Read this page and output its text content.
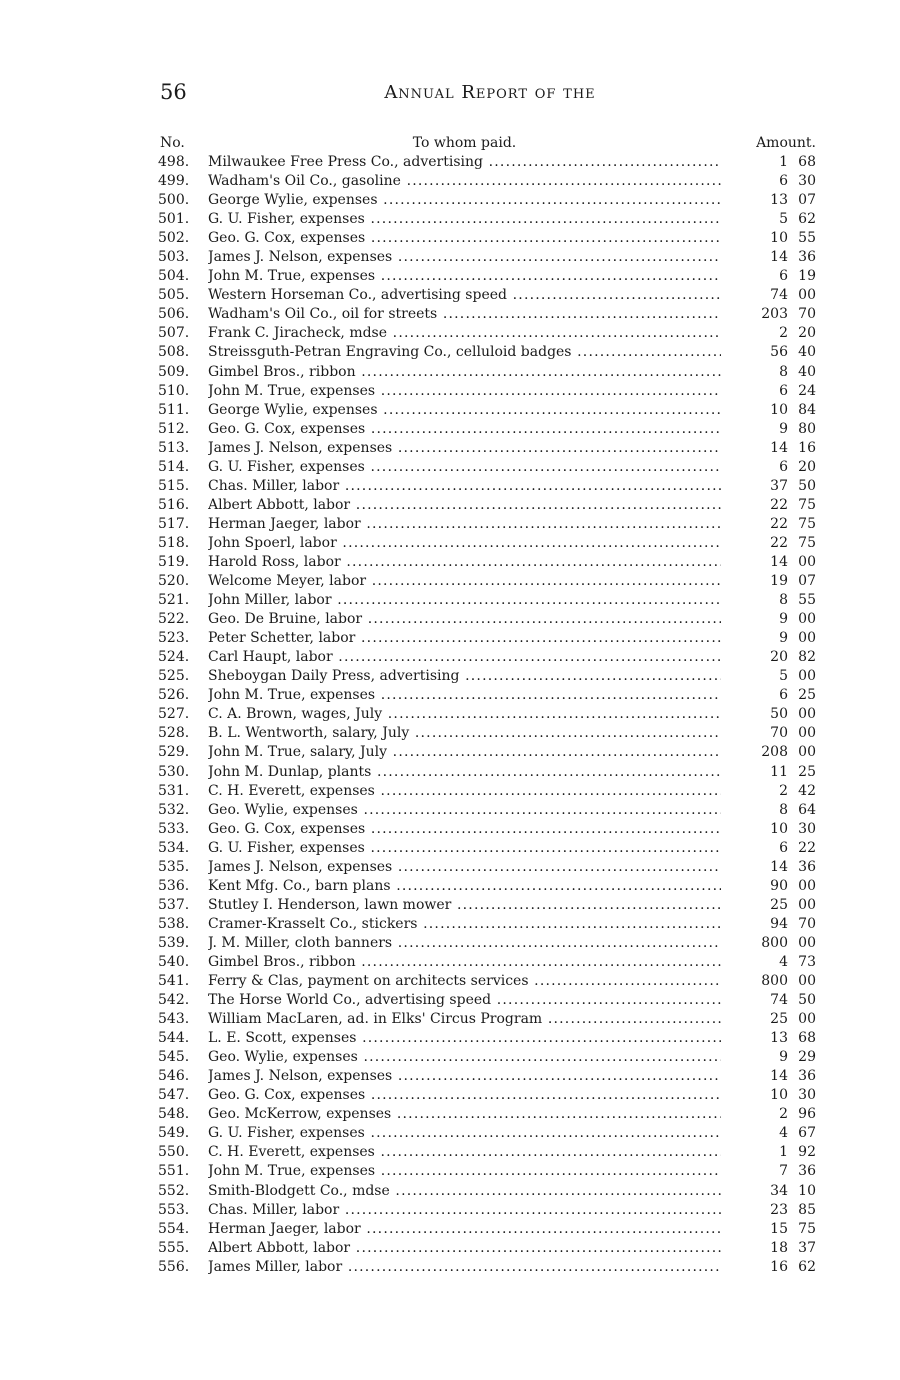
56	Annual Report of the
No.	To whom paid.	Amount.
498.	Milwaukee Free Press Co., advertising .....	1 68
499.	Wadham's Oil Co., gasoline .....	6 30
500.	George Wylie, expenses .....	13 07
501.	G. U. Fisher, expenses .....	5 62
502.	Geo. G. Cox, expenses .....	10 55
503.	James J. Nelson, expenses .....	14 36
504.	John M. True, expenses .....	6 19
505.	Western Horseman Co., advertising speed .....	74 00
506.	Wadham's Oil Co., oil for streets .....	203 70
507.	Frank C. Jiracheck, mdse .....	2 20
508.	Streissguth-Petran Engraving Co., celluloid badges .....	56 40
509.	Gimbel Bros., ribbon .....	8 40
510.	John M. True, expenses .....	6 24
511.	George Wylie, expenses .....	10 84
512.	Geo. G. Cox, expenses .....	9 80
513.	James J. Nelson, expenses .....	14 16
514.	G. U. Fisher, expenses .....	6 20
515.	Chas. Miller, labor .....	37 50
516.	Albert Abbott, labor .....	22 75
517.	Herman Jaeger, labor .....	22 75
518.	John Spoerl, labor .....	22 75
519.	Harold Ross, labor .....	14 00
520.	Welcome Meyer, labor .....	19 07
521.	John Miller, labor .....	8 55
522.	Geo. De Bruine, labor .....	9 00
523.	Peter Schetter, labor .....	9 00
524.	Carl Haupt, labor .....	20 82
525.	Sheboygan Daily Press, advertising .....	5 00
526.	John M. True, expenses .....	6 25
527.	C. A. Brown, wages, July .....	50 00
528.	B. L. Wentworth, salary, July .....	70 00
529.	John M. True, salary, July .....	208 00
530.	John M. Dunlap, plants .....	11 25
531.	C. H. Everett, expenses .....	2 42
532.	Geo. Wylie, expenses .....	8 64
533.	Geo. G. Cox, expenses .....	10 30
534.	G. U. Fisher, expenses .....	6 22
535.	James J. Nelson, expenses .....	14 36
536.	Kent Mfg. Co., barn plans .....	90 00
537.	Stutley I. Henderson, lawn mower .....	25 00
538.	Cramer-Krasselt Co., stickers .....	94 70
539.	J. M. Miller, cloth banners .....	800 00
540.	Gimbel Bros., ribbon .....	4 73
541.	Ferry & Clas, payment on architects services .....	800 00
542.	The Horse World Co., advertising speed .....	74 50
543.	William MacLaren, ad. in Elks' Circus Program .....	25 00
544.	L. E. Scott, expenses .....	13 68
545.	Geo. Wylie, expenses .....	9 29
546.	James J. Nelson, expenses .....	14 36
547.	Geo. G. Cox, expenses .....	10 30
548.	Geo. McKerrow, expenses .....	2 96
549.	G. U. Fisher, expenses .....	4 67
550.	C. H. Everett, expenses .....	1 92
551.	John M. True, expenses .....	7 36
552.	Smith-Blodgett Co., mdse .....	34 10
553.	Chas. Miller, labor .....	23 85
554.	Herman Jaeger, labor .....	15 75
555.	Albert Abbott, labor .....	18 37
556.	James Miller, labor .....	16 62
